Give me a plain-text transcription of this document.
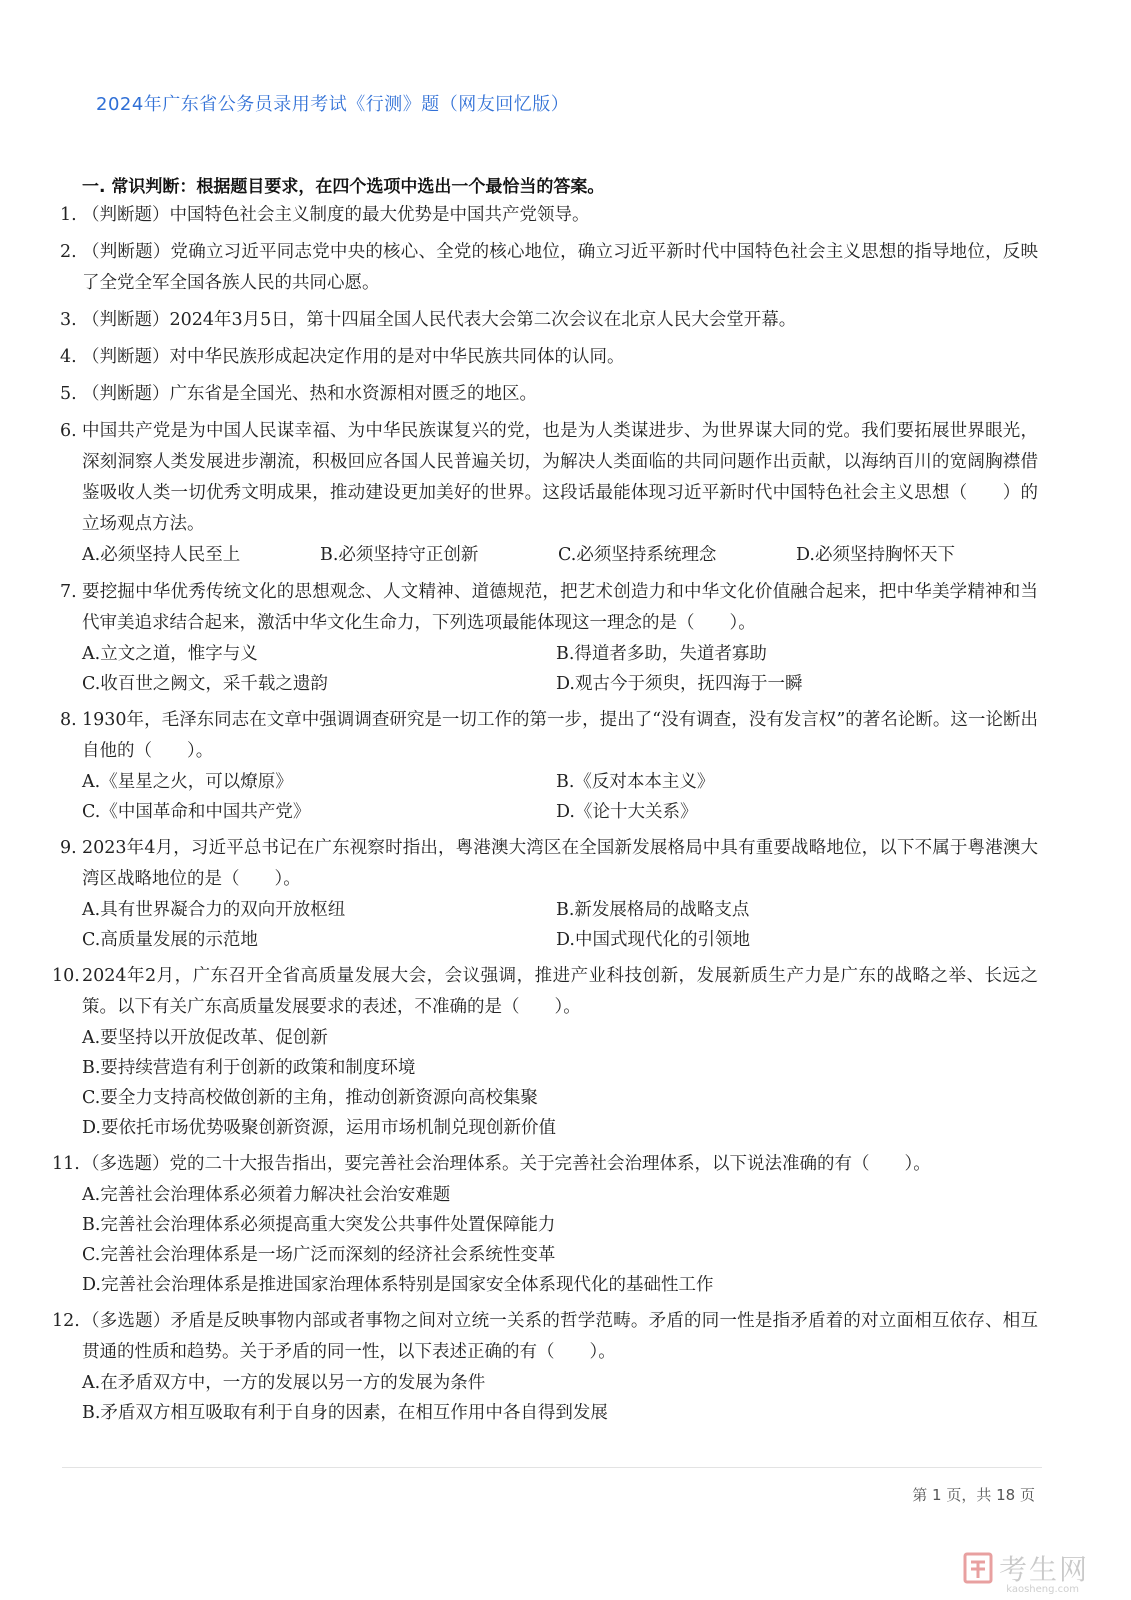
2024年广东省公务员录用考试《行测》题（网友回忆版）
一. 常识判断：根据题目要求，在四个选项中选出一个最恰当的答案。
1. （判断题）中国特色社会主义制度的最大优势是中国共产党领导。
2. （判断题）党确立习近平同志党中央的核心、全党的核心地位，确立习近平新时代中国特色社会主义思想的指导地位，反映了全党全军全国各族人民的共同心愿。
3. （判断题）2024年3月5日，第十四届全国人民代表大会第二次会议在北京人民大会堂开幕。
4. （判断题）对中华民族形成起决定作用的是对中华民族共同体的认同。
5. （判断题）广东省是全国光、热和水资源相对匮乏的地区。
6. 中国共产党是为中国人民谋幸福、为中华民族谋复兴的党，也是为人类谋进步、为世界谋大同的党。我们要拓展世界眼光，深刻洞察人类发展进步潮流，积极回应各国人民普遍关切，为解决人类面临的共同问题作出贡献，以海纳百川的宽阔胸襟借鉴吸收人类一切优秀文明成果，推动建设更加美好的世界。这段话最能体现习近平新时代中国特色社会主义思想（　　）的立场观点方法。
A.必须坚持人民至上	B.必须坚持守正创新	C.必须坚持系统理念	D.必须坚持胸怀天下
7. 要挖掘中华优秀传统文化的思想观念、人文精神、道德规范，把艺术创造力和中华文化价值融合起来，把中华美学精神和当代审美追求结合起来，激活中华文化生命力，下列选项最能体现这一理念的是（　　）。
A.立文之道，惟字与义	B.得道者多助，失道者寡助
C.收百世之阙文，采千载之遗韵	D.观古今于须臾，抚四海于一瞬
8. 1930年，毛泽东同志在文章中强调调查研究是一切工作的第一步，提出了“没有调查，没有发言权”的著名论断。这一论断出自他的（　　）。
A.《星星之火，可以燎原》	B.《反对本本主义》
C.《中国革命和中国共产党》	D.《论十大关系》
9. 2023年4月，习近平总书记在广东视察时指出，粤港澳大湾区在全国新发展格局中具有重要战略地位，以下不属于粤港澳大湾区战略地位的是（　　）。
A.具有世界凝合力的双向开放枢纽	B.新发展格局的战略支点
C.高质量发展的示范地	D.中国式现代化的引领地
10. 2024年2月，广东召开全省高质量发展大会，会议强调，推进产业科技创新，发展新质生产力是广东的战略之举、长远之策。以下有关广东高质量发展要求的表述，不准确的是（　　）。
A.要坚持以开放促改革、促创新
B.要持续营造有利于创新的政策和制度环境
C.要全力支持高校做创新的主角，推动创新资源向高校集聚
D.要依托市场优势吸聚创新资源，运用市场机制兑现创新价值
11. （多选题）党的二十大报告指出，要完善社会治理体系。关于完善社会治理体系，以下说法准确的有（　　）。
A.完善社会治理体系必须着力解决社会治安难题
B.完善社会治理体系必须提高重大突发公共事件处置保障能力
C.完善社会治理体系是一场广泛而深刻的经济社会系统性变革
D.完善社会治理体系是推进国家治理体系特别是国家安全体系现代化的基础性工作
12. （多选题）矛盾是反映事物内部或者事物之间对立统一关系的哲学范畴。矛盾的同一性是指矛盾着的对立面相互依存、相互贯通的性质和趋势。关于矛盾的同一性，以下表述正确的有（　　）。
A.在矛盾双方中，一方的发展以另一方的发展为条件
B.矛盾双方相互吸取有利于自身的因素，在相互作用中各自得到发展
第 1 页，共 18 页
考生网
kaosheng.com
